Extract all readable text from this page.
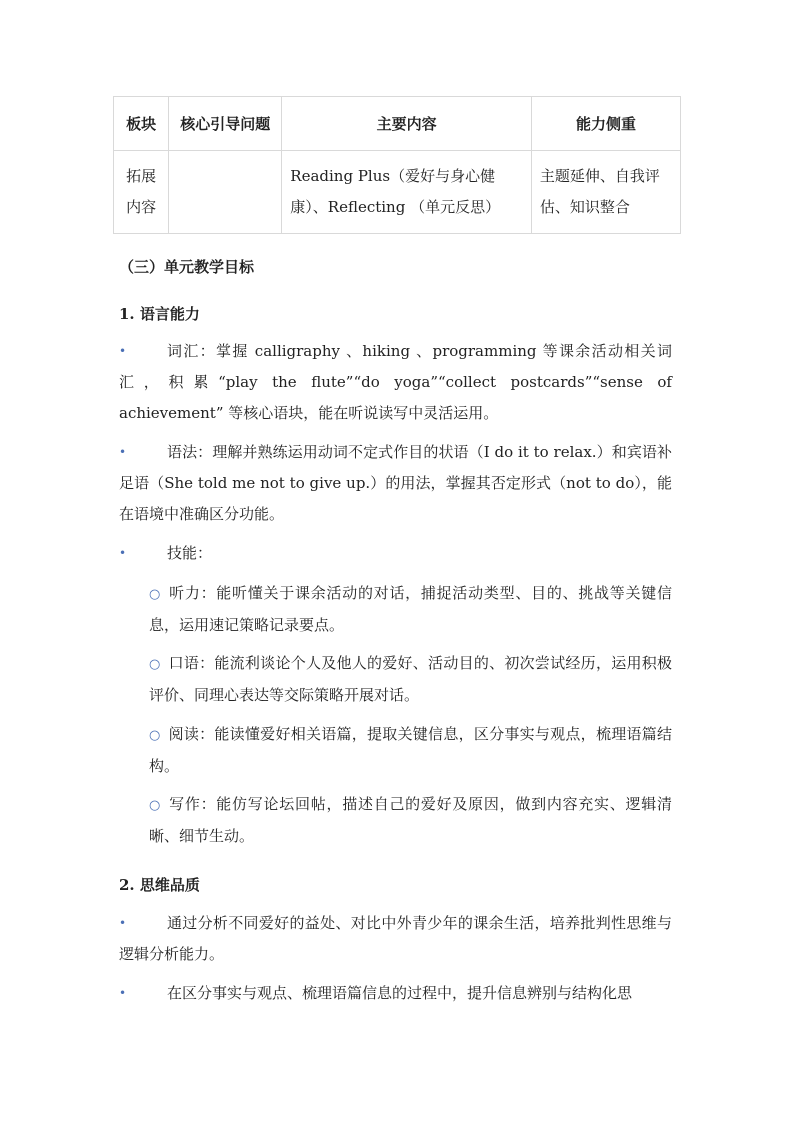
板块	核心引导问题	主要内容	能力侧重
拓展内容		Reading Plus（爱好与身心健康）、Reflecting （单元反思）	主题延伸、自我评估、知识整合
（三）单元教学目标
1. 语言能力
•	词汇：掌握 calligraphy 、hiking 、programming 等课余活动相关词汇，积累“play the flute”“do yoga”“collect postcards”“sense of achievement” 等核心语块，能在听说读写中灵活运用。
•	语法：理解并熟练运用动词不定式作目的状语（I do it to relax.）和宾语补足语（She told me not to give up.）的用法，掌握其否定形式（not to do），能在语境中准确区分功能。
•	技能：
○ 听力：能听懂关于课余活动的对话，捕捉活动类型、目的、挑战等关键信息，运用速记策略记录要点。
○ 口语：能流利谈论个人及他人的爱好、活动目的、初次尝试经历，运用积极评价、同理心表达等交际策略开展对话。
○ 阅读：能读懂爱好相关语篇，提取关键信息，区分事实与观点，梳理语篇结构。
○ 写作：能仿写论坛回帖，描述自己的爱好及原因，做到内容充实、逻辑清晰、细节生动。
2. 思维品质
•	通过分析不同爱好的益处、对比中外青少年的课余生活，培养批判性思维与逻辑分析能力。
•	在区分事实与观点、梳理语篇信息的过程中，提升信息辨别与结构化思
